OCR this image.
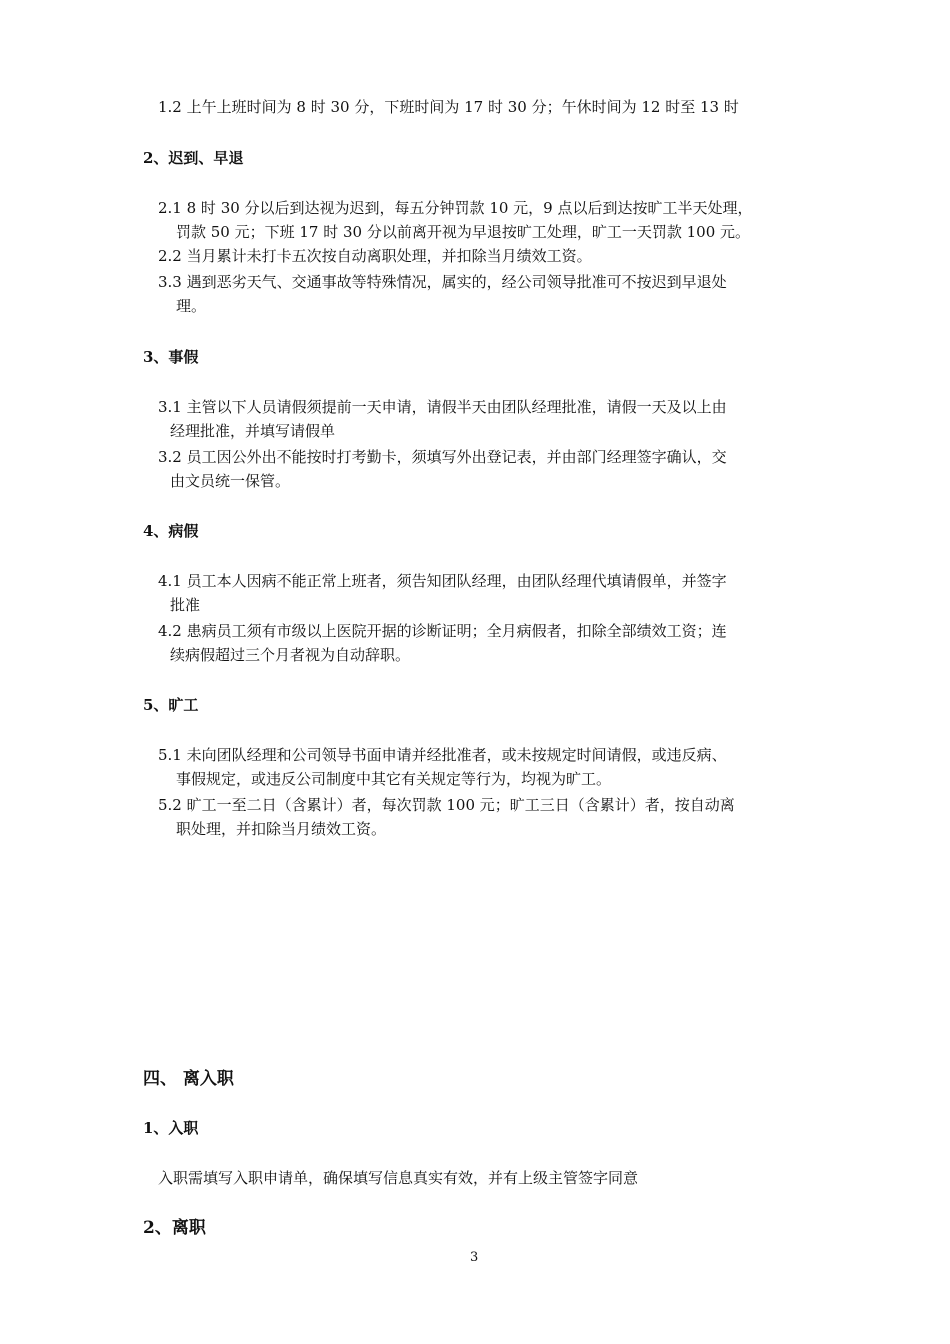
1.2 上午上班时间为 8 时 30 分，下班时间为 17 时 30 分；午休时间为 12 时至 13 时
2、迟到、早退
2.1 8 时 30 分以后到达视为迟到，每五分钟罚款 10 元，9 点以后到达按旷工半天处理，
罚款 50 元；下班 17 时 30 分以前离开视为早退按旷工处理，旷工一天罚款 100 元。
2.2 当月累计未打卡五次按自动离职处理，并扣除当月绩效工资。
3.3 遇到恶劣天气、交通事故等特殊情况，属实的，经公司领导批准可不按迟到早退处
理。
3、事假
3.1 主管以下人员请假须提前一天申请，请假半天由团队经理批准，请假一天及以上由
经理批准，并填写请假单
3.2 员工因公外出不能按时打考勤卡，须填写外出登记表，并由部门经理签字确认，交
由文员统一保管。
4、病假
4.1 员工本人因病不能正常上班者，须告知团队经理，由团队经理代填请假单，并签字
批准
4.2 患病员工须有市级以上医院开据的诊断证明；全月病假者，扣除全部绩效工资；连
续病假超过三个月者视为自动辞职。
5、旷工
5.1 未向团队经理和公司领导书面申请并经批准者，或未按规定时间请假，或违反病、
事假规定，或违反公司制度中其它有关规定等行为，均视为旷工。
5.2 旷工一至二日（含累计）者，每次罚款 100 元；旷工三日（含累计）者，按自动离
职处理，并扣除当月绩效工资。
四、 离入职
1、入职
入职需填写入职申请单，确保填写信息真实有效，并有上级主管签字同意
2、离职
3
